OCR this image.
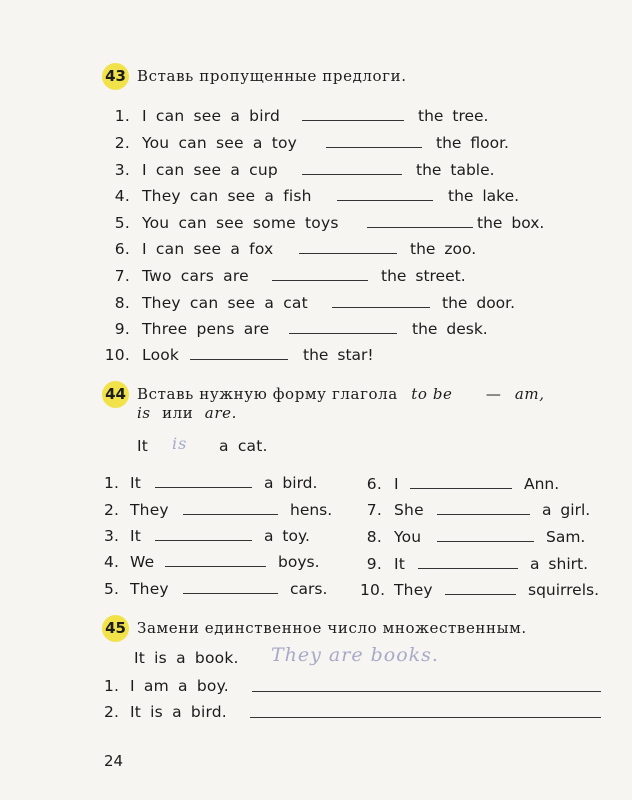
43 Вставь пропущенные предлоги.
1. I can see a bird	the tree.
2. You can see a toy	the floor.
3. I can see a cup	the table.
4. They can see a fish	the lake.
5. You can see some toys	the box.
6. I can see a fox	the zoo.
7. Two cars are	the street.
8. They can see a cat	the door.
9. Three pens are	the desk.
10. Look	the star!
44 Вставь нужную форму глагола to be — am,
is или are.
It is a cat.
1. It	a bird.
2. They	hens.
3. It	a toy.
4. We	boys.
5. They	cars.
6. I	Ann.
7. She	a girl.
8. You	Sam.
9. It	a shirt.
10. They	squirrels.
45 Замени единственное число множественным.
It is a book. They are books.
1. I am a boy.
2. It is a bird.
24
